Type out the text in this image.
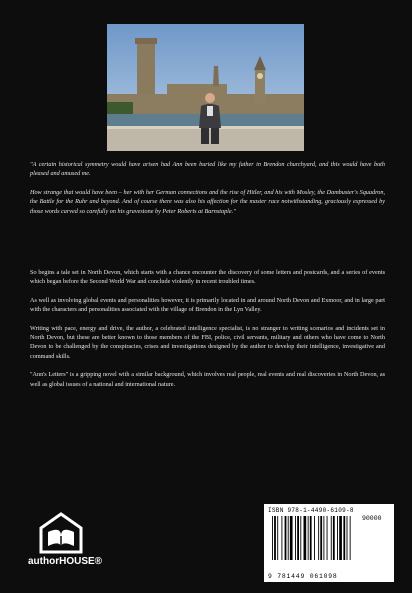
"A certain historical symmetry would have arisen had Ann been buried like my father in Brendon churchyard, and this would have both pleased and amused me.

How strange that would have been – her with her German connections and the rise of Hitler, and his with Mosley, the Dambuster's Squadron, the Battle for the Ruhr and beyond. And of course there was also his affection for the master race notwithstanding, graciously expressed by those words carved so carefully on his gravestone by Peter Roberts at Barnstaple."

So begins a tale set in North Devon, which starts with a chance encounter the discovery of some letters and postcards, and a series of events which began before the Second World War and conclude violently in recent troubled times.

As well as involving global events and personalities however, it is primarily located in and around North Devon and Exmoor, and in large part with the characters and personalities associated with the village of Brendon in the Lyn Valley.

Writing with pace, energy and drive, the author, a celebrated intelligence specialist, is no stranger to writing scenarios and incidents set in North Devon, but these are better known to those members of the FBI, police, civil servants, military and others who have come to North Devon to be challenged by the conspiracies, crises and investigations designed by the author to develop their intelligence, investigative and command skills.

"Ann's Letters" is a gripping novel with a similar background, which involves real people, real events and real discoveries in North Devon, as well as global issues of a national and international nature.

authorHOUSE®
ISBN 978-1-4490-6109-8
90000
9 781449 061098
